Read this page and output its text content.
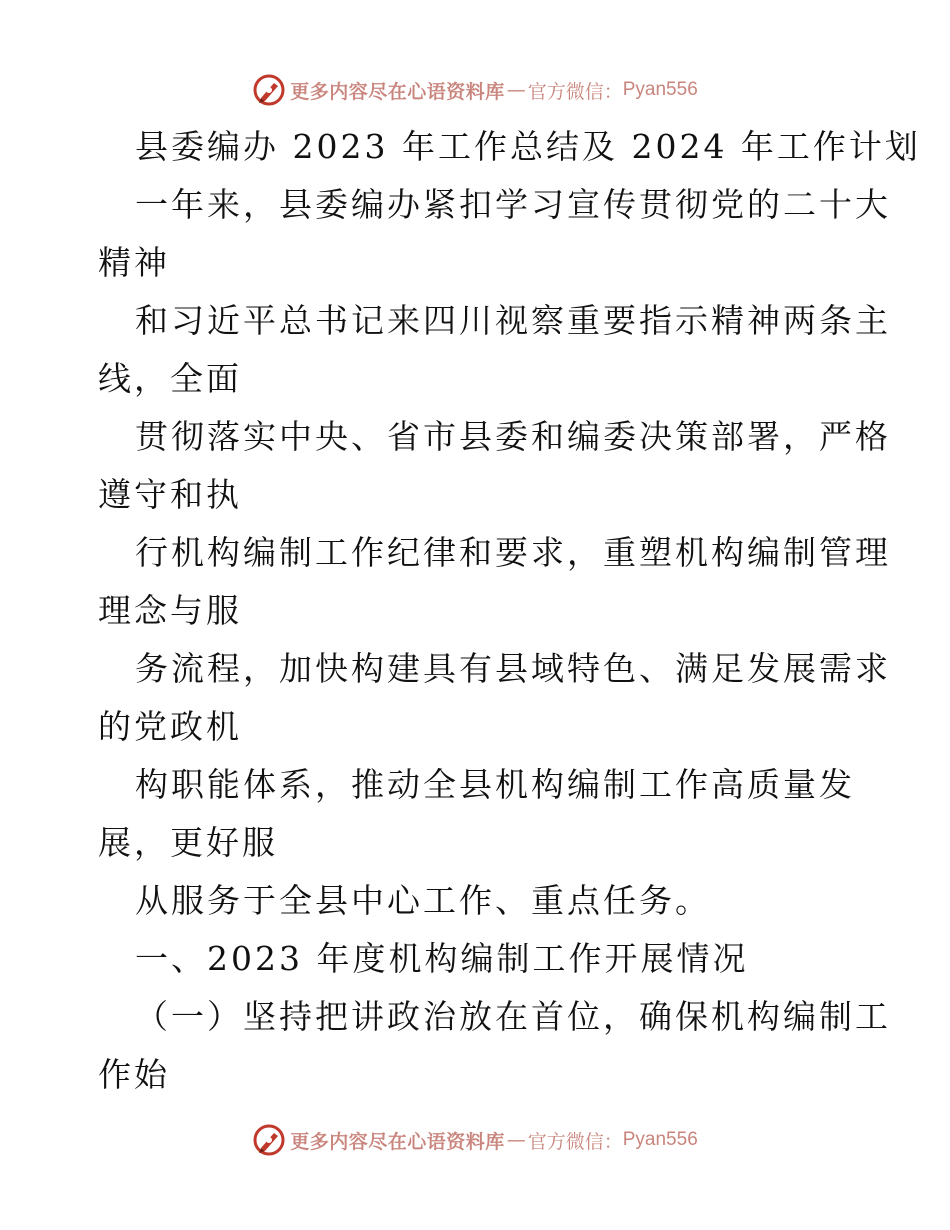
更多内容尽在心语资料库 — 官方微信： Pyan556
县委编办 2023 年工作总结及 2024 年工作计划
一年来，县委编办紧扣学习宣传贯彻党的二十大
精神
和习近平总书记来四川视察重要指示精神两条主
线，全面
贯彻落实中央、省市县委和编委决策部署，严格
遵守和执
行机构编制工作纪律和要求，重塑机构编制管理
理念与服
务流程，加快构建具有县域特色、满足发展需求
的党政机
构职能体系，推动全县机构编制工作高质量发
展，更好服
从服务于全县中心工作、重点任务。
一、2023 年度机构编制工作开展情况
（一）坚持把讲政治放在首位，确保机构编制工
作始
更多内容尽在心语资料库 — 官方微信： Pyan556
